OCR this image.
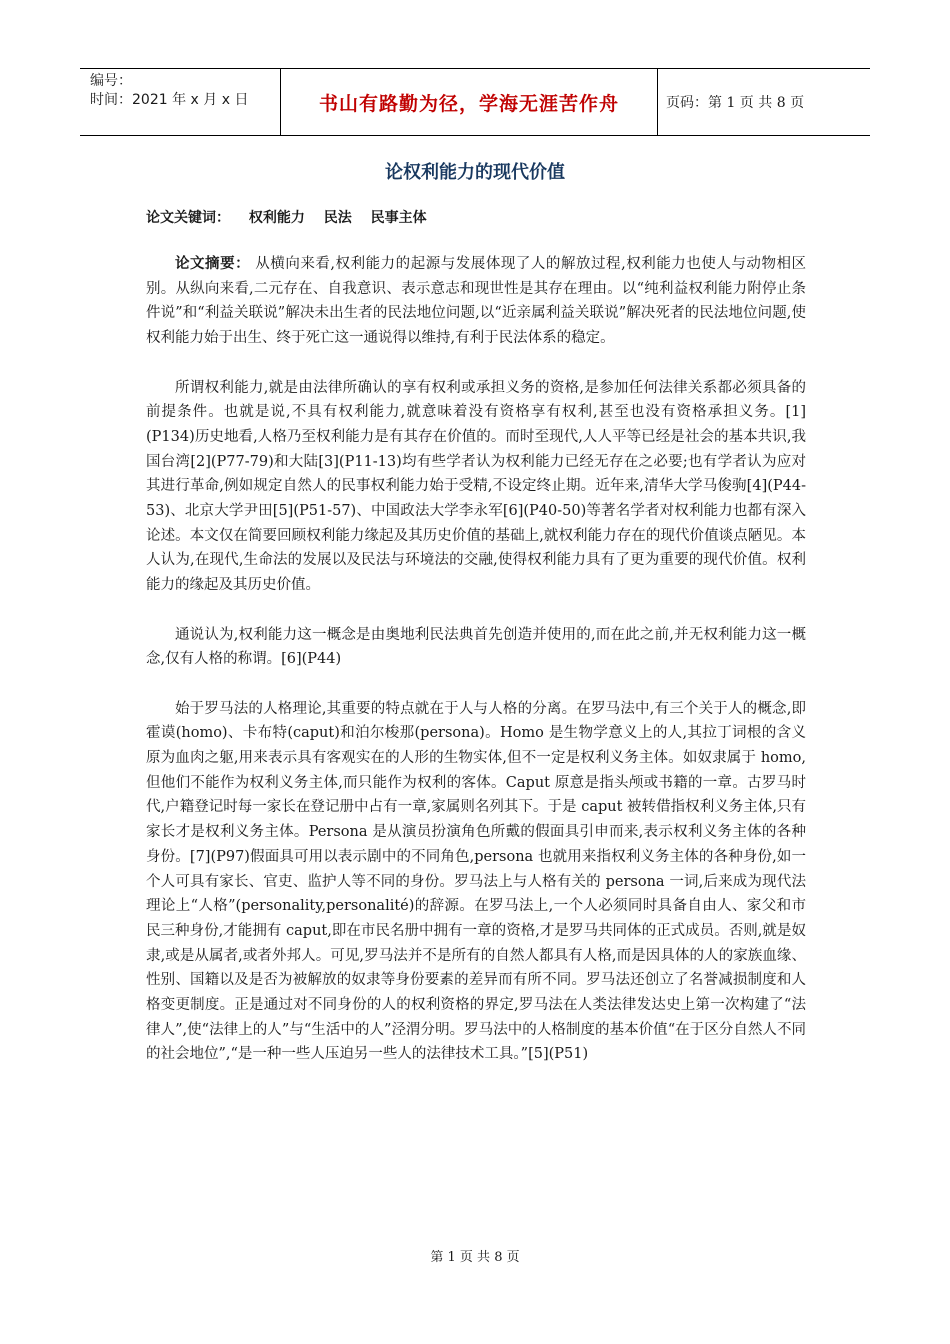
编号：
时间：2021 年 x 月 x 日	书山有路勤为径，学海无涯苦作舟	页码：第 1 页 共 8 页
论权利能力的现代价值
论文关键词： 权利能力 民法 民事主体

论文摘要： 从横向来看,权利能力的起源与发展体现了人的解放过程,权利能力也使人与动物相区别。从纵向来看,二元存在、自我意识、表示意志和现世性是其存在理由。以“纯利益权利能力附停止条件说”和“利益关联说”解决未出生者的民法地位问题,以“近亲属利益关联说”解决死者的民法地位问题,使权利能力始于出生、终于死亡这一通说得以维持,有利于民法体系的稳定。

所谓权利能力,就是由法律所确认的享有权利或承担义务的资格,是参加任何法律关系都必须具备的前提条件。也就是说,不具有权利能力,就意味着没有资格享有权利,甚至也没有资格承担义务。[1](P134)历史地看,人格乃至权利能力是有其存在价值的。而时至现代,人人平等已经是社会的基本共识,我国台湾[2](P77-79)和大陆[3](P11-13)均有些学者认为权利能力已经无存在之必要;也有学者认为应对其进行革命,例如规定自然人的民事权利能力始于受精,不设定终止期。近年来,清华大学马俊驹[4](P44-53)、北京大学尹田[5](P51-57)、中国政法大学李永军[6](P40-50)等著名学者对权利能力也都有深入论述。本文仅在简要回顾权利能力缘起及其历史价值的基础上,就权利能力存在的现代价值谈点陋见。本人认为,在现代,生命法的发展以及民法与环境法的交融,使得权利能力具有了更为重要的现代价值。权利能力的缘起及其历史价值。

通说认为,权利能力这一概念是由奥地利民法典首先创造并使用的,而在此之前,并无权利能力这一概念,仅有人格的称谓。[6](P44)

始于罗马法的人格理论,其重要的特点就在于人与人格的分离。在罗马法中,有三个关于人的概念,即霍谟(homo)、卡布特(caput)和泊尔梭那(persona)。Homo 是生物学意义上的人,其拉丁词根的含义原为血肉之躯,用来表示具有客观实在的人形的生物实体,但不一定是权利义务主体。如奴隶属于 homo,但他们不能作为权利义务主体,而只能作为权利的客体。Caput 原意是指头颅或书籍的一章。古罗马时代,户籍登记时每一家长在登记册中占有一章,家属则名列其下。于是 caput 被转借指权利义务主体,只有家长才是权利义务主体。Persona 是从演员扮演角色所戴的假面具引申而来,表示权利义务主体的各种身份。[7](P97)假面具可用以表示剧中的不同角色,persona 也就用来指权利义务主体的各种身份,如一个人可具有家长、官吏、监护人等不同的身份。罗马法上与人格有关的 persona 一词,后来成为现代法理论上“人格”(personality,personalité)的辞源。在罗马法上,一个人必须同时具备自由人、家父和市民三种身份,才能拥有 caput,即在市民名册中拥有一章的资格,才是罗马共同体的正式成员。否则,就是奴隶,或是从属者,或者外邦人。可见,罗马法并不是所有的自然人都具有人格,而是因具体的人的家族血缘、性别、国籍以及是否为被解放的奴隶等身份要素的差异而有所不同。罗马法还创立了名誉减损制度和人格变更制度。正是通过对不同身份的人的权利资格的界定,罗马法在人类法律发达史上第一次构建了“法律人”,使“法律上的人”与“生活中的人”泾渭分明。罗马法中的人格制度的基本价值“在于区分自然人不同的社会地位”,“是一种一些人压迫另一些人的法律技术工具。”[5](P51)

第 1 页 共 8 页
